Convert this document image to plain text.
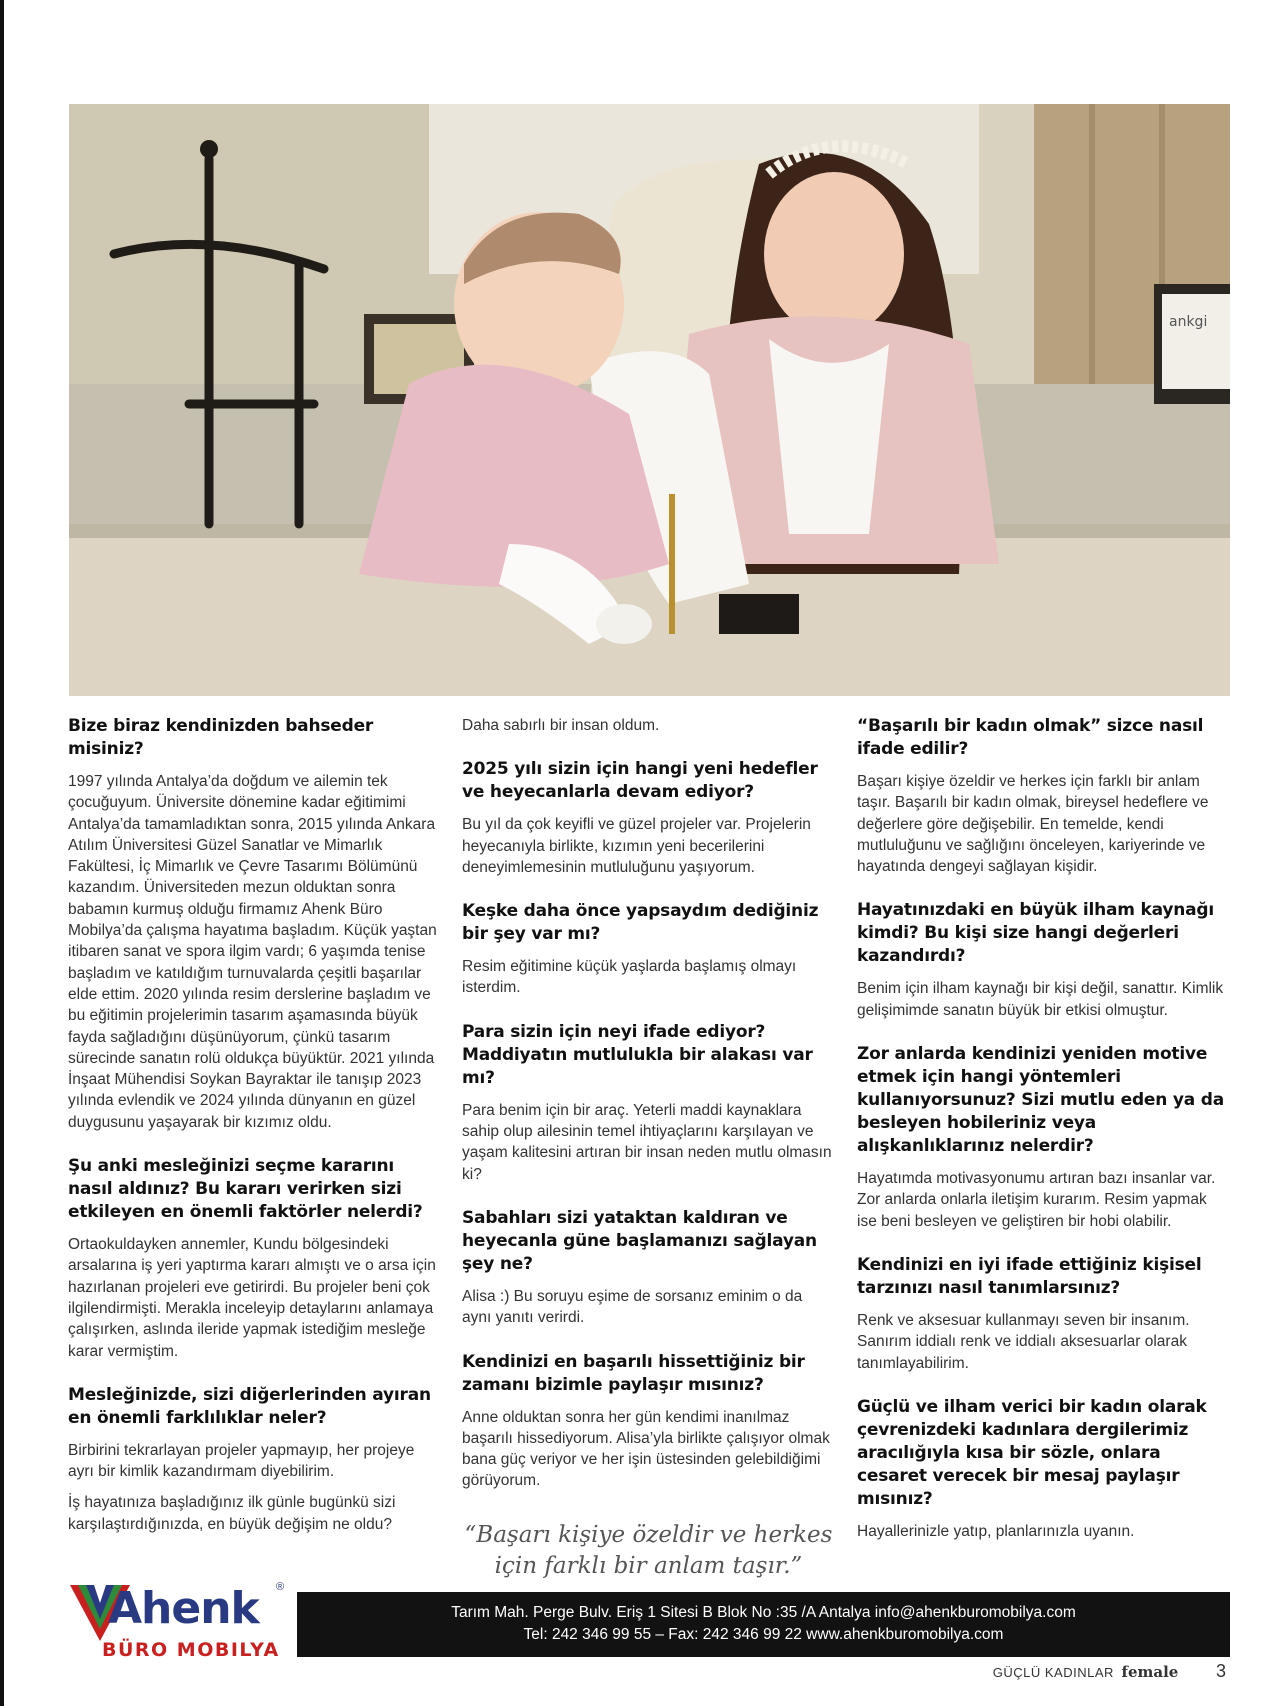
ankgi

Bize biraz kendinizden bahseder misiniz?

1997 yılında Antalya’da doğdum ve ailemin tek çocuğuyum. Üniversite dönemine kadar eğitimimi Antalya’da tamamladıktan sonra, 2015 yılında Ankara Atılım Üniversitesi Güzel Sanatlar ve Mimarlık Fakültesi, İç Mimarlık ve Çevre Tasarımı Bölümünü kazandım. Üniversiteden mezun olduktan sonra babamın kurmuş olduğu firmamız Ahenk Büro Mobilya’da çalışma hayatıma başladım. Küçük yaştan itibaren sanat ve spora ilgim vardı; 6 yaşımda tenise başladım ve katıldığım turnuvalarda çeşitli başarılar elde ettim. 2020 yılında resim derslerine başladım ve bu eğitimin projelerimin tasarım aşamasında büyük fayda sağladığını düşünüyorum, çünkü tasarım sürecinde sanatın rolü oldukça büyüktür. 2021 yılında İnşaat Mühendisi Soykan Bayraktar ile tanışıp 2023 yılında evlendik ve 2024 yılında dünyanın en güzel duygusunu yaşayarak bir kızımız oldu.

Şu anki mesleğinizi seçme kararını nasıl aldınız? Bu kararı verirken sizi etkileyen en önemli faktörler nelerdi?

Ortaokuldayken annemler, Kundu bölgesindeki arsalarına iş yeri yaptırma kararı almıştı ve o arsa için hazırlanan projeleri eve getirirdi. Bu projeler beni çok ilgilendirmişti. Merakla inceleyip detaylarını anlamaya çalışırken, aslında ileride yapmak istediğim mesleğe karar vermiştim.

Mesleğinizde, sizi diğerlerinden ayıran en önemli farklılıklar neler?

Birbirini tekrarlayan projeler yapmayıp, her projeye ayrı bir kimlik kazandırmam diyebilirim.

İş hayatınıza başladığınız ilk günle bugünkü sizi karşılaştırdığınızda, en büyük değişim ne oldu?

Daha sabırlı bir insan oldum.

2025 yılı sizin için hangi yeni hedefler ve heyecanlarla devam ediyor?

Bu yıl da çok keyifli ve güzel projeler var. Projelerin heyecanıyla birlikte, kızımın yeni becerilerini deneyimlemesinin mutluluğunu yaşıyorum.

Keşke daha önce yapsaydım dediğiniz bir şey var mı?

Resim eğitimine küçük yaşlarda başlamış olmayı isterdim.

Para sizin için neyi ifade ediyor? Maddiyatın mutlulukla bir alakası var mı?

Para benim için bir araç. Yeterli maddi kaynaklara sahip olup ailesinin temel ihtiyaçlarını karşılayan ve yaşam kalitesini artıran bir insan neden mutlu olmasın ki?

Sabahları sizi yataktan kaldıran ve heyecanla güne başlamanızı sağlayan şey ne?

Alisa :) Bu soruyu eşime de sorsanız eminim o da aynı yanıtı verirdi.

Kendinizi en başarılı hissettiğiniz bir zamanı bizimle paylaşır mısınız?

Anne olduktan sonra her gün kendimi inanılmaz başarılı hissediyorum. Alisa’yla birlikte çalışıyor olmak bana güç veriyor ve her işin üstesinden gelebildiğimi görüyorum.

“Başarı kişiye özeldir ve herkes için farklı bir anlam taşır.”

“Başarılı bir kadın olmak” sizce nasıl ifade edilir?

Başarı kişiye özeldir ve herkes için farklı bir anlam taşır. Başarılı bir kadın olmak, bireysel hedeflere ve değerlere göre değişebilir. En temelde, kendi mutluluğunu ve sağlığını önceleyen, kariyerinde ve hayatında dengeyi sağlayan kişidir.

Hayatınızdaki en büyük ilham kaynağı kimdi? Bu kişi size hangi değerleri kazandırdı?

Benim için ilham kaynağı bir kişi değil, sanattır. Kimlik gelişimimde sanatın büyük bir etkisi olmuştur.

Zor anlarda kendinizi yeniden motive etmek için hangi yöntemleri kullanıyorsunuz? Sizi mutlu eden ya da besleyen hobileriniz veya alışkanlıklarınız nelerdir?

Hayatımda motivasyonumu artıran bazı insanlar var. Zor anlarda onlarla iletişim kurarım. Resim yapmak ise beni besleyen ve geliştiren bir hobi olabilir.

Kendinizi en iyi ifade ettiğiniz kişisel tarzınızı nasıl tanımlarsınız?

Renk ve aksesuar kullanmayı seven bir insanım. Sanırım iddialı renk ve iddialı aksesuarlar olarak tanımlayabilirim.

Güçlü ve ilham verici bir kadın olarak çevrenizdeki kadınlara dergilerimiz aracılığıyla kısa bir sözle, onlara cesaret verecek bir mesaj paylaşır mısınız?

Hayallerinizle yatıp, planlarınızla uyanın.

Ahenk ®
BÜRO MOBILYA
Tarım Mah. Perge Bulv. Eriş 1 Sitesi B Blok No :35 /A Antalya info@ahenkburomobilya.com
Tel: 242 346 99 55 – Fax: 242 346 99 22 www.ahenkburomobilya.com
GÜÇLÜ KADINLAR female 3
